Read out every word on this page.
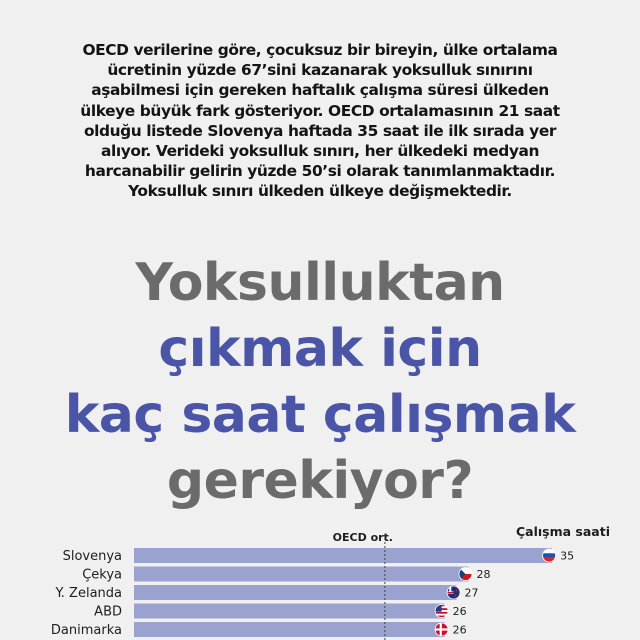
OECD verilerine göre, çocuksuz bir bireyin, ülke ortalama
ücretinin yüzde 67’sini kazanarak yoksulluk sınırını
aşabilmesi için gereken haftalık çalışma süresi ülkeden
ülkeye büyük fark gösteriyor. OECD ortalamasının 21 saat
olduğu listede Slovenya haftada 35 saat ile ilk sırada yer
alıyor. Verideki yoksulluk sınırı, her ülkedeki medyan
harcanabilir gelirin yüzde 50’si olarak tanımlanmaktadır.
Yoksulluk sınırı ülkeden ülkeye değişmektedir.
Yoksulluktan
çıkmak için
kaç saat çalışmak
gerekiyor?
OECD ort.	Çalışma saati
Slovenya	35
Çekya	28
Y. Zelanda	27
ABD	26
Danimarka	26
